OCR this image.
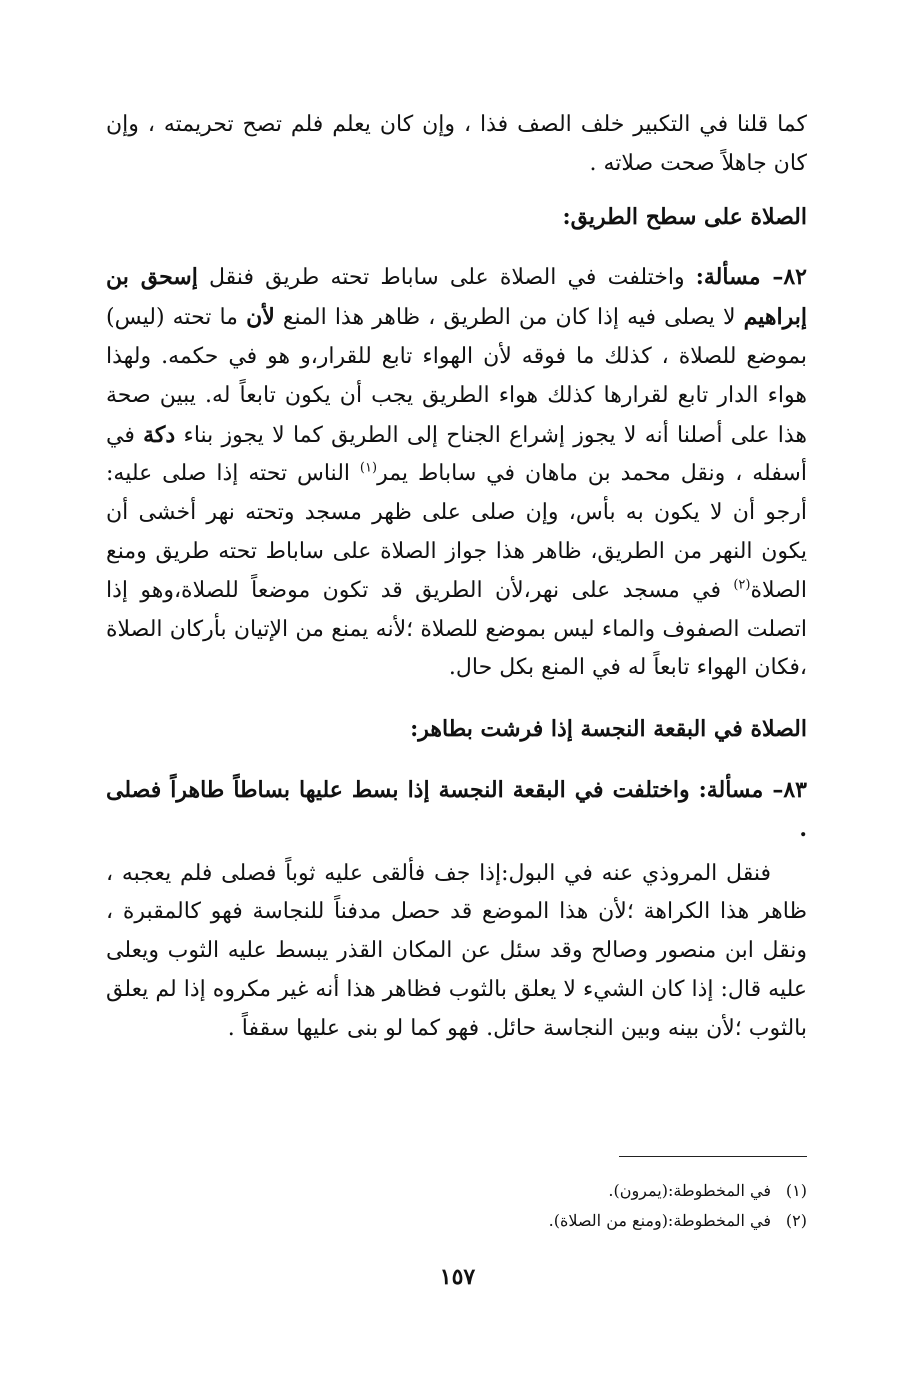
كما قلنا في التكبير خلف الصف فذا ، وإن كان يعلم فلم تصح تحريمته ، وإن كان جاهلاً صحت صلاته .

الصلاة على سطح الطريق:

٨٢– مسألة: واختلفت في الصلاة على ساباط تحته طريق فنقل إسحق بن إبراهيم لا يصلى فيه إذا كان من الطريق ، ظاهر هذا المنع لأن ما تحته (ليس) بموضع للصلاة ، كذلك ما فوقه لأن الهواء تابع للقرار،و هو في حكمه. ولهذا هواء الدار تابع لقرارها كذلك هواء الطريق يجب أن يكون تابعاً له. يبين صحة هذا على أصلنا أنه لا يجوز إشراع الجناح إلى الطريق كما لا يجوز بناء دكة في أسفله ، ونقل محمد بن ماهان في ساباط يمر$^{(١)}$ الناس تحته إذا صلى عليه: أرجو أن لا يكون به بأس، وإن صلى على ظهر مسجد وتحته نهر أخشى أن يكون النهر من الطريق، ظاهر هذا جواز الصلاة على ساباط تحته طريق ومنع الصلاة$^{(٢)}$ في مسجد على نهر،لأن الطريق قد تكون موضعاً للصلاة،وهو إذا اتصلت الصفوف والماء ليس بموضع للصلاة ؛لأنه يمنع من الإتيان بأركان الصلاة ،فكان الهواء تابعاً له في المنع بكل حال.

الصلاة في البقعة النجسة إذا فرشت بطاهر:

٨٣– مسألة: واختلفت في البقعة النجسة إذا بسط عليها بساطاً طاهراً فصلى .

فنقل المروذي عنه في البول:إذا جف فألقى عليه ثوباً فصلى فلم يعجبه ، ظاهر هذا الكراهة ؛لأن هذا الموضع قد حصل مدفناً للنجاسة فهو كالمقبرة ، ونقل ابن منصور وصالح وقد سئل عن المكان القذر يبسط عليه الثوب ويعلى عليه قال: إذا كان الشيء لا يعلق بالثوب فظاهر هذا أنه غير مكروه إذا لم يعلق بالثوب ؛لأن بينه وبين النجاسة حائل. فهو كما لو بنى عليها سقفاً .

(١)في المخطوطة:(يمرون).

(٢)في المخطوطة:(ومنع من الصلاة).

١٥٧
